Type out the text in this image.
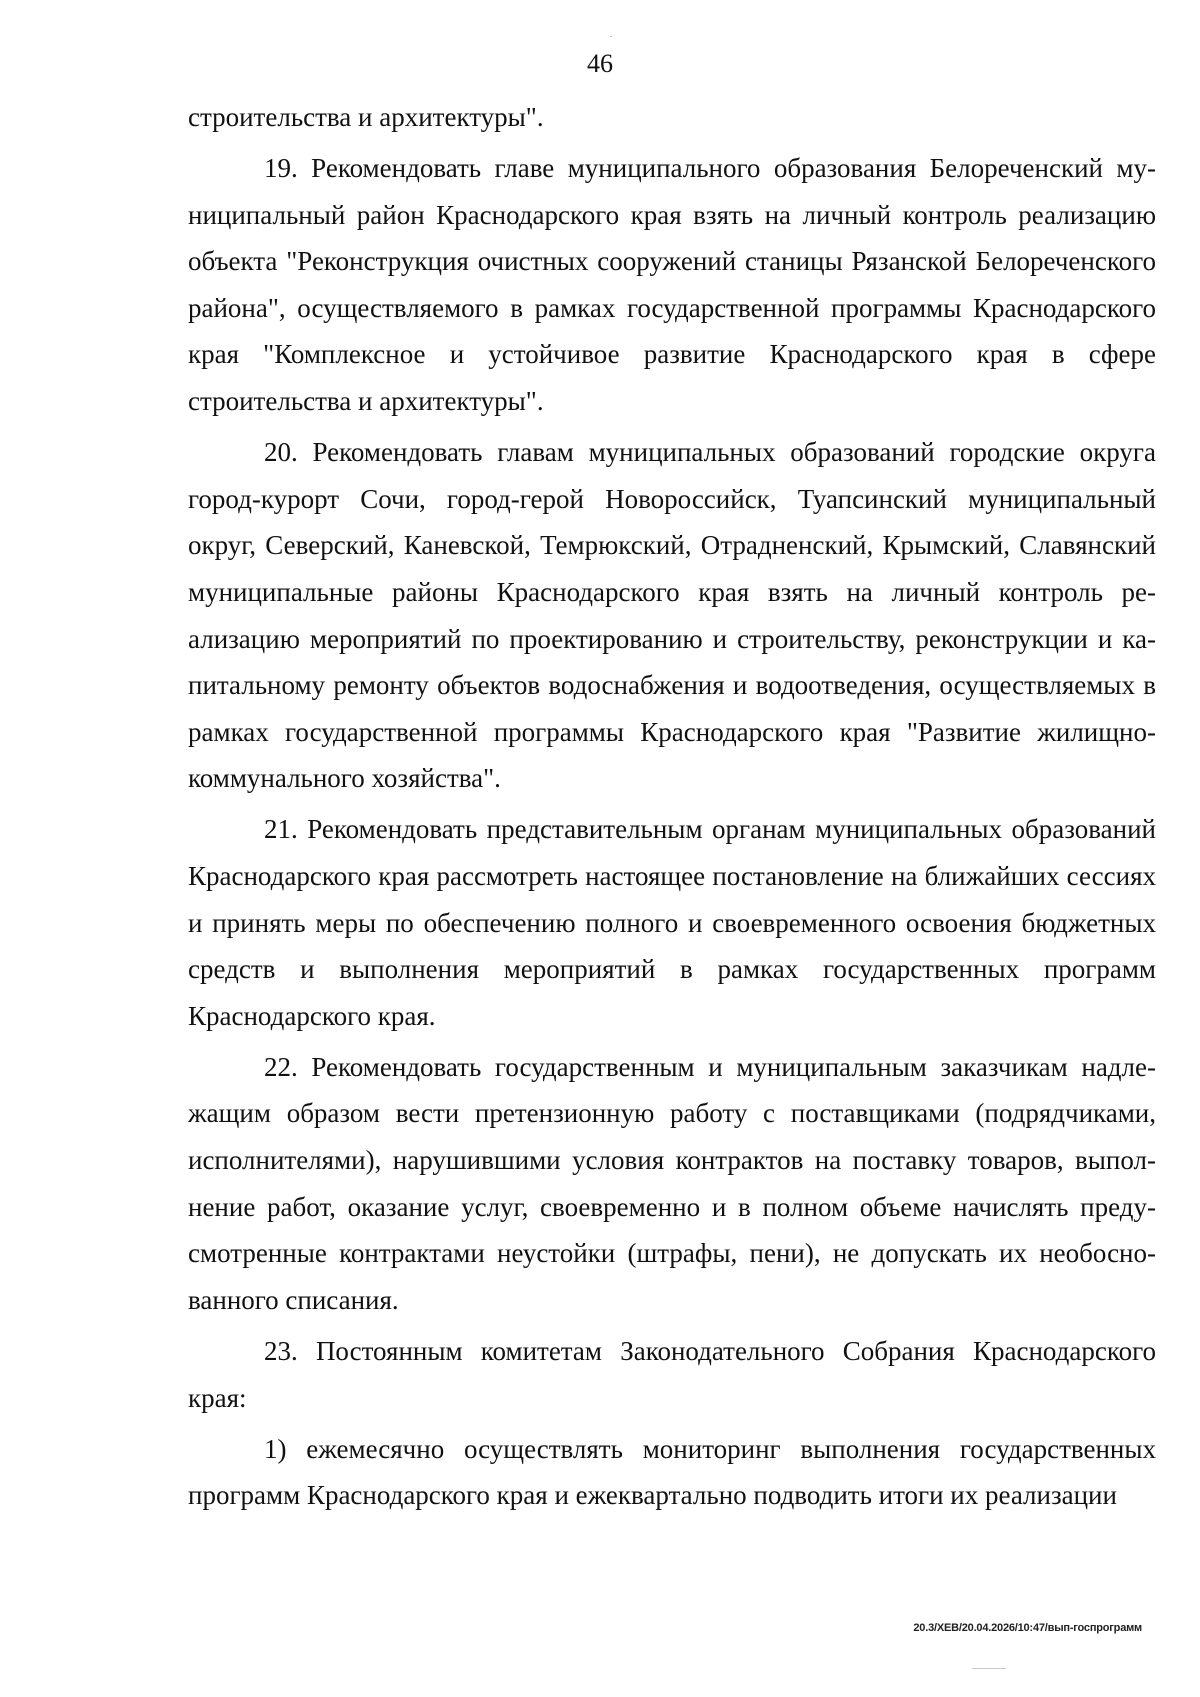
46

строительства и архитектуры".

19. Рекомендовать главе муниципального образования Белореченский муниципальный район Краснодарского края взять на личный контроль реализацию объекта "Реконструкция очистных сооружений станицы Рязанской Белореченского района", осуществляемого в рамках государственной программы Краснодарского края "Комплексное и устойчивое развитие Краснодарского края в сфере строительства и архитектуры".

20. Рекомендовать главам муниципальных образований городские округа город-курорт Сочи, город-герой Новороссийск, Туапсинский муниципальный округ, Северский, Каневской, Темрюкский, Отрадненский, Крымский, Славянский муниципальные районы Краснодарского края взять на личный контроль реализацию мероприятий по проектированию и строительству, реконструкции и капитальному ремонту объектов водоснабжения и водоотведения, осуществляемых в рамках государственной программы Краснодарского края "Развитие жилищно-коммунального хозяйства".

21. Рекомендовать представительным органам муниципальных образований Краснодарского края рассмотреть настоящее постановление на ближайших сессиях и принять меры по обеспечению полного и своевременного освоения бюджетных средств и выполнения мероприятий в рамках государственных программ Краснодарского края.

22. Рекомендовать государственным и муниципальным заказчикам надлежащим образом вести претензионную работу с поставщиками (подрядчиками, исполнителями), нарушившими условия контрактов на поставку товаров, выполнение работ, оказание услуг, своевременно и в полном объеме начислять предусмотренные контрактами неустойки (штрафы, пени), не допускать их необоснованного списания.

23. Постоянным комитетам Законодательного Собрания Краснодарского края:

1) ежемесячно осуществлять мониторинг выполнения государственных программ Краснодарского края и ежеквартально подводить итоги их реализации

20.3/ХЕВ/20.04.2026/10:47/вып-госпрограмм
